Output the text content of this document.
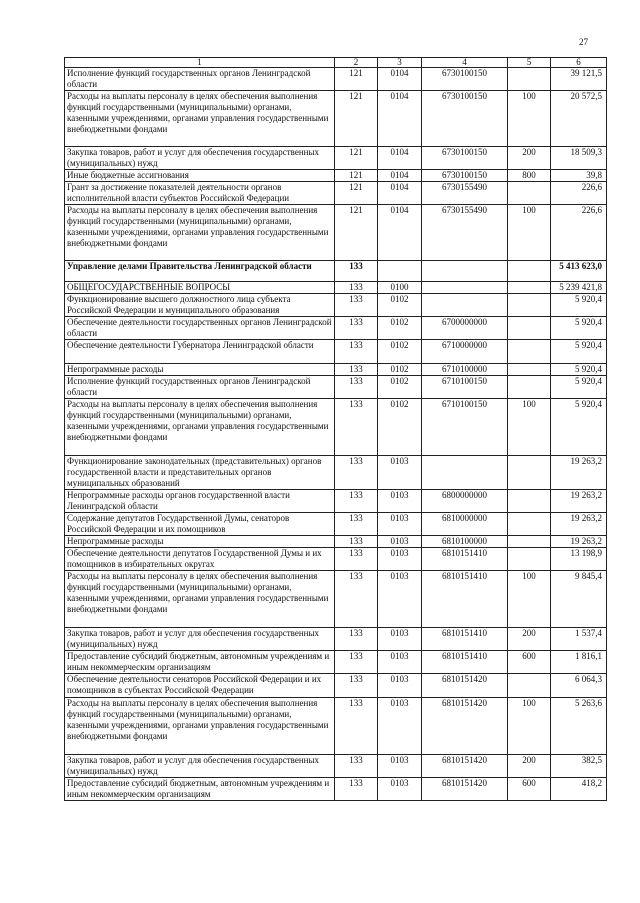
27
1	2	3	4	5	6
Исполнение функций государственных органов Ленинградской области	121	0104	6730100150		39 121,5
Расходы на выплаты персоналу в целях обеспечения выполнения функций государственными (муниципальными) органами, казенными учреждениями, органами управления государственными внебюджетными фондами	121	0104	6730100150	100	20 572,5
Закупка товаров, работ и услуг для обеспечения государственных (муниципальных) нужд	121	0104	6730100150	200	18 509,3
Иные бюджетные ассигнования	121	0104	6730100150	800	39,8
Грант за достижение показателей деятельности органов исполнительной власти субъектов Российской Федерации	121	0104	6730155490		226,6
Расходы на выплаты персоналу в целях обеспечения выполнения функций государственными (муниципальными) органами, казенными учреждениями, органами управления государственными внебюджетными фондами	121	0104	6730155490	100	226,6
Управление делами Правительства Ленинградской области	133				5 413 623,0
ОБЩЕГОСУДАРСТВЕННЫЕ ВОПРОСЫ	133	0100			5 239 421,8
Функционирование высшего должностного лица субъекта Российской Федерации и муниципального образования	133	0102			5 920,4
Обеспечение деятельности государственных органов Ленинградской области	133	0102	6700000000		5 920,4
Обеспечение деятельности Губернатора Ленинградской области	133	0102	6710000000		5 920,4
Непрограммные расходы	133	0102	6710100000		5 920,4
Исполнение функций государственных органов Ленинградской области	133	0102	6710100150		5 920,4
Расходы на выплаты персоналу в целях обеспечения выполнения функций государственными (муниципальными) органами, казенными учреждениями, органами управления государственными внебюджетными фондами	133	0102	6710100150	100	5 920,4
Функционирование законодательных (представительных) органов государственной власти и представительных органов муниципальных образований	133	0103			19 263,2
Непрограммные расходы органов государственной власти Ленинградской области	133	0103	6800000000		19 263,2
Содержание депутатов Государственной Думы, сенаторов Российской Федерации и их помощников	133	0103	6810000000		19 263,2
Непрограммные расходы	133	0103	6810100000		19 263,2
Обеспечение деятельности депутатов Государственной Думы и их помощников в избирательных округах	133	0103	6810151410		13 198,9
Расходы на выплаты персоналу в целях обеспечения выполнения функций государственными (муниципальными) органами, казенными учреждениями, органами управления государственными внебюджетными фондами	133	0103	6810151410	100	9 845,4
Закупка товаров, работ и услуг для обеспечения государственных (муниципальных) нужд	133	0103	6810151410	200	1 537,4
Предоставление субсидий бюджетным, автономным учреждениям и иным некоммерческим организациям	133	0103	6810151410	600	1 816,1
Обеспечение деятельности сенаторов Российской Федерации и их помощников в субъектах Российской Федерации	133	0103	6810151420		6 064,3
Расходы на выплаты персоналу в целях обеспечения выполнения функций государственными (муниципальными) органами, казенными учреждениями, органами управления государственными внебюджетными фондами	133	0103	6810151420	100	5 263,6
Закупка товаров, работ и услуг для обеспечения государственных (муниципальных) нужд	133	0103	6810151420	200	382,5
Предоставление субсидий бюджетным, автономным учреждениям и иным некоммерческим организациям	133	0103	6810151420	600	418,2
